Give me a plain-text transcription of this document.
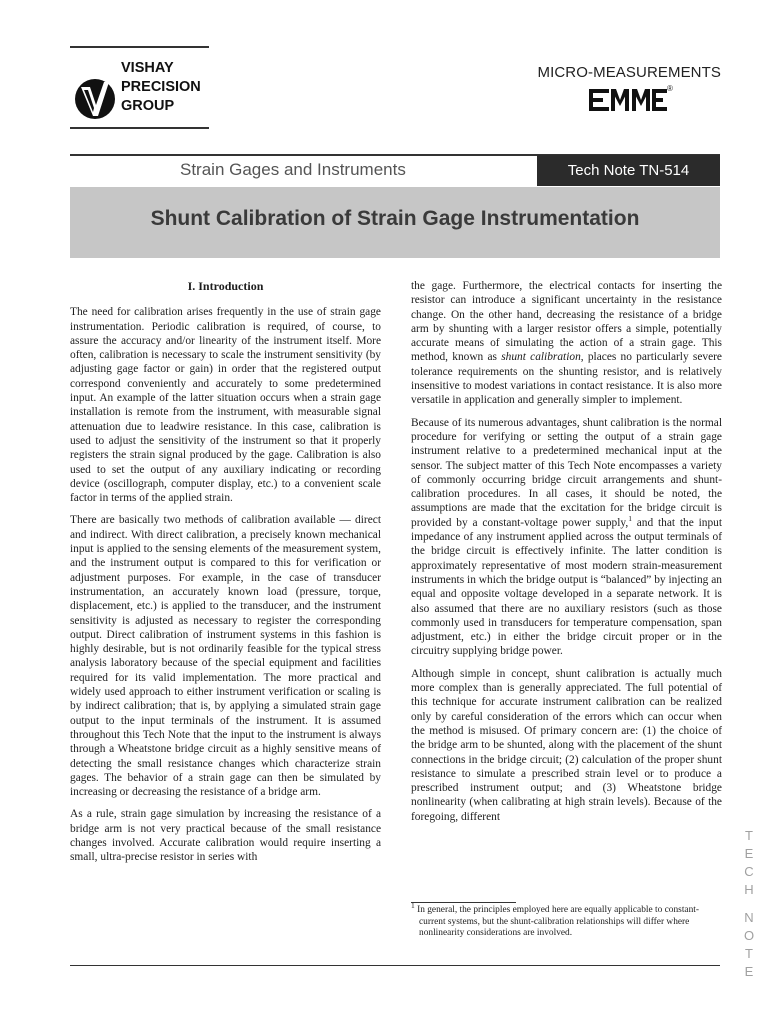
VISHAY
PRECISION
GROUP
MICRO-MEASUREMENTS
®
Strain Gages and Instruments	Tech Note TN-514
Shunt Calibration of Strain Gage Instrumentation

I. Introduction

The need for calibration arises frequently in the use of strain gage instrumentation. Periodic calibration is required, of course, to assure the accuracy and/or linearity of the instrument itself. More often, calibration is necessary to scale the instrument sensitivity (by adjusting gage factor or gain) in order that the registered output correspond conveniently and accurately to some predetermined input. An example of the latter situation occurs when a strain gage installation is remote from the instrument, with measurable signal attenuation due to leadwire resistance. In this case, calibration is used to adjust the sensitivity of the instrument so that it properly registers the strain signal produced by the gage. Calibration is also used to set the output of any auxiliary indicating or recording device (oscillograph, computer display, etc.) to a convenient scale factor in terms of the applied strain.

There are basically two methods of calibration available — direct and indirect. With direct calibration, a precisely known mechanical input is applied to the sensing elements of the measurement system, and the instrument output is compared to this for verification or adjustment purposes. For example, in the case of transducer instrumentation, an accurately known load (pressure, torque, displacement, etc.) is applied to the transducer, and the instrument sensitivity is adjusted as necessary to register the corresponding output. Direct calibration of instrument systems in this fashion is highly desirable, but is not ordinarily feasible for the typical stress analysis laboratory because of the special equipment and facilities required for its valid implementation. The more practical and widely used approach to either instrument verification or scaling is by indirect calibration; that is, by applying a simulated strain gage output to the input terminals of the instrument. It is assumed throughout this Tech Note that the input to the instrument is always through a Wheatstone bridge circuit as a highly sensitive means of detecting the small resistance changes which characterize strain gages. The behavior of a strain gage can then be simulated by increasing or decreasing the resistance of a bridge arm.

As a rule, strain gage simulation by increasing the resistance of a bridge arm is not very practical because of the small resistance changes involved. Accurate calibration would require inserting a small, ultra-precise resistor in series with

the gage. Furthermore, the electrical contacts for inserting the resistor can introduce a significant uncertainty in the resistance change. On the other hand, decreasing the resistance of a bridge arm by shunting with a larger resistor offers a simple, potentially accurate means of simulating the action of a strain gage. This method, known as shunt calibration, places no particularly severe tolerance requirements on the shunting resistor, and is relatively insensitive to modest variations in contact resistance. It is also more versatile in application and generally simpler to implement.

Because of its numerous advantages, shunt calibration is the normal procedure for verifying or setting the output of a strain gage instrument relative to a predetermined mechanical input at the sensor. The subject matter of this Tech Note encompasses a variety of commonly occurring bridge circuit arrangements and shunt-calibration procedures. In all cases, it should be noted, the assumptions are made that the excitation for the bridge circuit is provided by a constant-voltage power supply,$^1$ and that the input impedance of any instrument applied across the output terminals of the bridge circuit is effectively infinite. The latter condition is approximately representative of most modern strain-measurement instruments in which the bridge output is “balanced” by injecting an equal and opposite voltage developed in a separate network. It is also assumed that there are no auxiliary resistors (such as those commonly used in transducers for temperature compensation, span adjustment, etc.) in either the bridge circuit proper or in the circuitry supplying bridge power.

Although simple in concept, shunt calibration is actually much more complex than is generally appreciated. The full potential of this technique for accurate instrument calibration can be realized only by careful consideration of the errors which can occur when the method is misused. Of primary concern are: (1) the choice of the bridge arm to be shunted, along with the placement of the shunt connections in the bridge circuit; (2) calculation of the proper shunt resistance to simulate a prescribed strain level or to produce a prescribed instrument output; and (3) Wheatstone bridge nonlinearity (when calibrating at high strain levels). Because of the foregoing, different

$^1$ In general, the principles employed here are equally applicable to constant-current systems, but the shunt-calibration relationships will differ where nonlinearity considerations are involved.
T
E
C
H
N
O
T
E
